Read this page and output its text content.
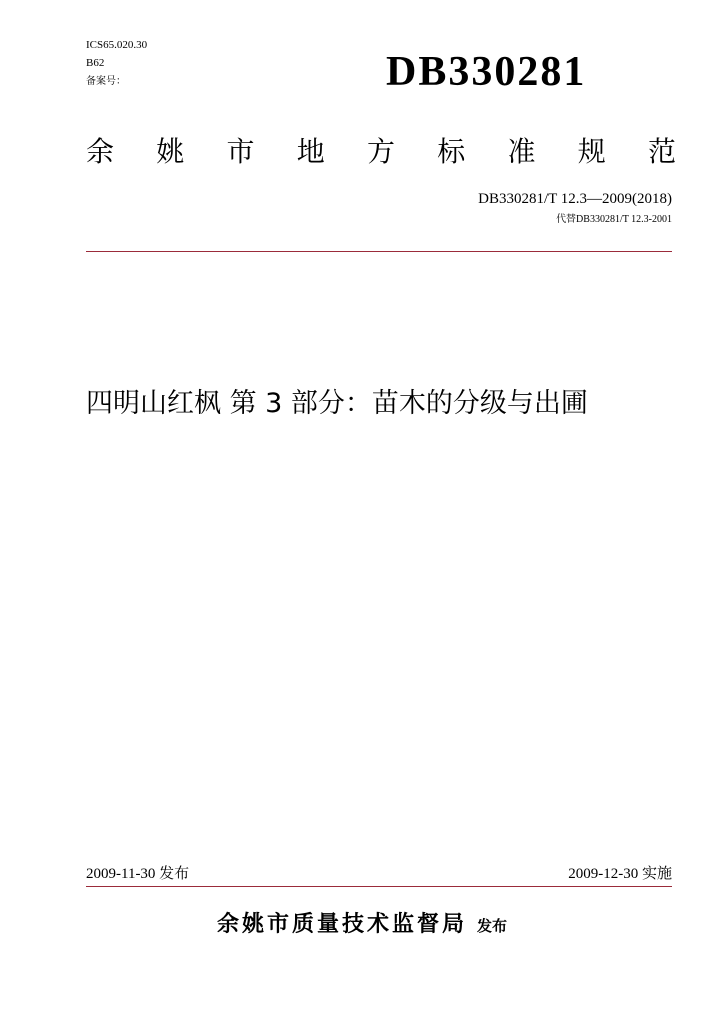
ICS65.020.30
B62
备案号：	DB330281
余 姚 市 地 方 标 准 规 范
DB330281/T 12.3—2009(2018)
代替DB330281/T 12.3-2001
四明山红枫 第 3 部分：苗木的分级与出圃
2009-11-30 发布	2009-12-30 实施
余姚市质量技术监督局 发布
